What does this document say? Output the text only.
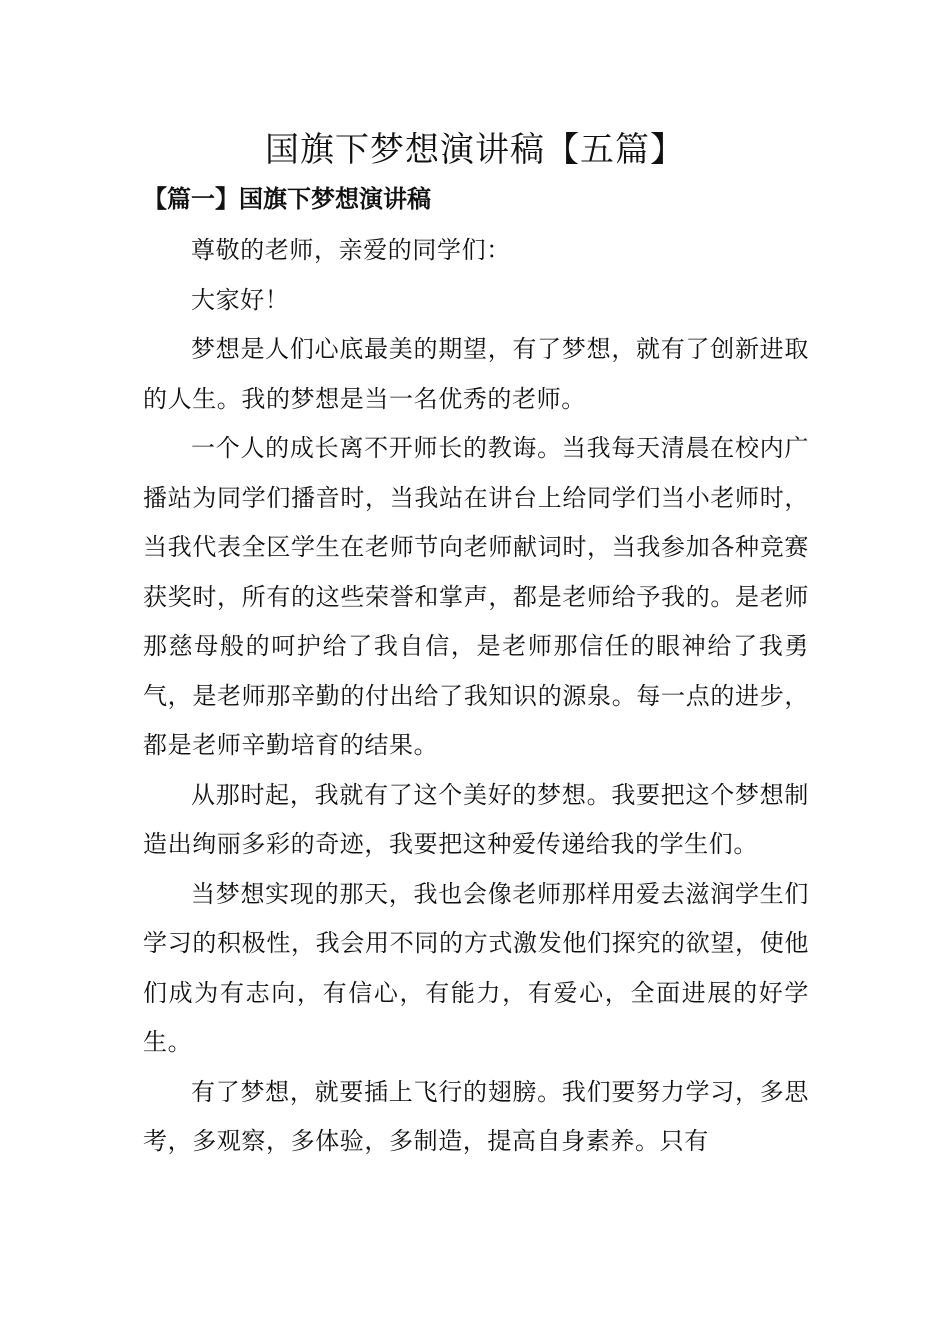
国旗下梦想演讲稿【五篇】
【篇一】国旗下梦想演讲稿

尊敬的老师，亲爱的同学们：

大家好！

梦想是人们心底最美的期望，有了梦想，就有了创新进取的人生。我的梦想是当一名优秀的老师。

一个人的成长离不开师长的教诲。当我每天清晨在校内广播站为同学们播音时，当我站在讲台上给同学们当小老师时，当我代表全区学生在老师节向老师献词时，当我参加各种竞赛获奖时，所有的这些荣誉和掌声，都是老师给予我的。是老师那慈母般的呵护给了我自信，是老师那信任的眼神给了我勇气，是老师那辛勤的付出给了我知识的源泉。每一点的进步，都是老师辛勤培育的结果。

从那时起，我就有了这个美好的梦想。我要把这个梦想制造出绚丽多彩的奇迹，我要把这种爱传递给我的学生们。

当梦想实现的那天，我也会像老师那样用爱去滋润学生们学习的积极性，我会用不同的方式激发他们探究的欲望，使他们成为有志向，有信心，有能力，有爱心，全面进展的好学生。

有了梦想，就要插上飞行的翅膀。我们要努力学习，多思考，多观察，多体验，多制造，提高自身素养。只有
